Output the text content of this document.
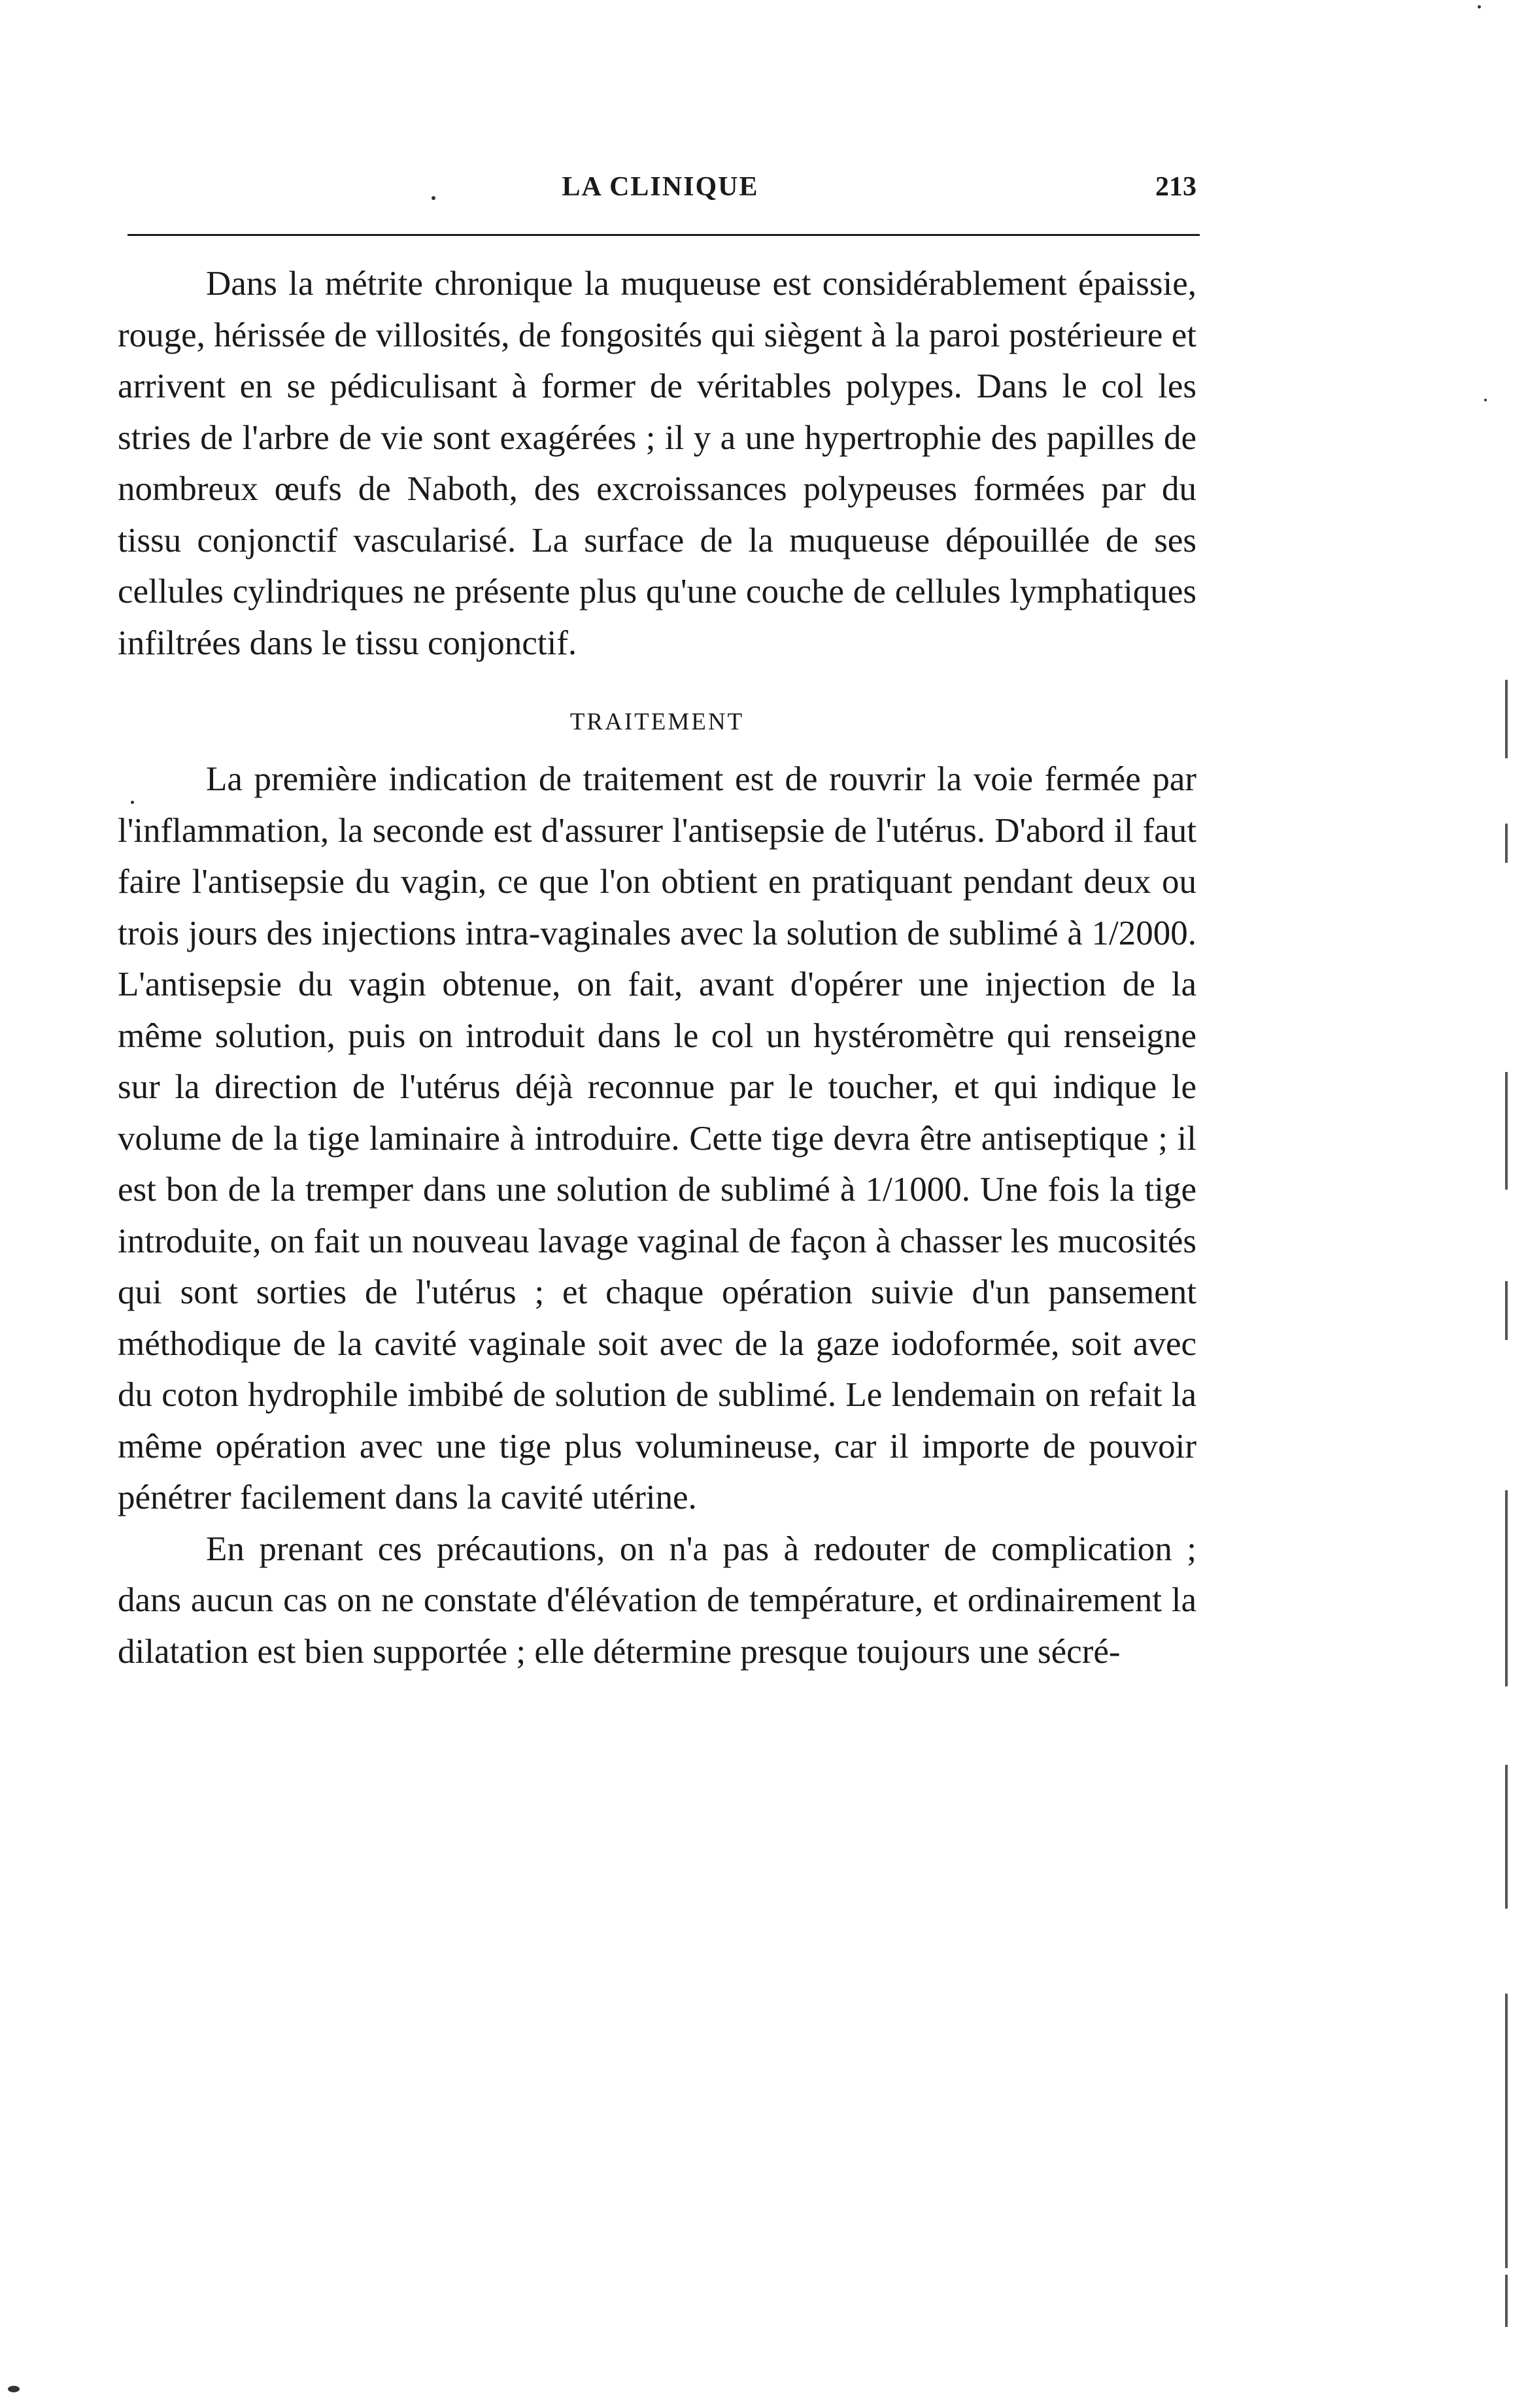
LA CLINIQUE	213

Dans la métrite chronique la muqueuse est considérablement épaissie, rouge, hérissée de villosités, de fongosités qui siègent à la paroi postérieure et arrivent en se pédiculisant à former de véritables polypes. Dans le col les stries de l'arbre de vie sont exagérées ; il y a une hypertrophie des papilles de nombreux œufs de Naboth, des excroissances polypeuses formées par du tissu conjonctif vascularisé. La surface de la muqueuse dépouillée de ses cellules cylindriques ne présente plus qu'une couche de cellules lymphatiques infiltrées dans le tissu conjonctif.

TRAITEMENT

La première indication de traitement est de rouvrir la voie fermée par l'inflammation, la seconde est d'assurer l'antisepsie de l'utérus. D'abord il faut faire l'antisepsie du vagin, ce que l'on obtient en pratiquant pendant deux ou trois jours des injections intra-vaginales avec la solution de sublimé à 1/2000. L'antisepsie du vagin obtenue, on fait, avant d'opérer une injection de la même solution, puis on introduit dans le col un hystéromètre qui renseigne sur la direction de l'utérus déjà reconnue par le toucher, et qui indique le volume de la tige laminaire à introduire. Cette tige devra être antiseptique ; il est bon de la tremper dans une solution de sublimé à 1/1000. Une fois la tige introduite, on fait un nouveau lavage vaginal de façon à chasser les mucosités qui sont sorties de l'utérus ; et chaque opération suivie d'un pansement méthodique de la cavité vaginale soit avec de la gaze iodoformée, soit avec du coton hydrophile imbibé de solution de sublimé. Le lendemain on refait la même opération avec une tige plus volumineuse, car il importe de pouvoir pénétrer facilement dans la cavité utérine.

En prenant ces précautions, on n'a pas à redouter de complication ; dans aucun cas on ne constate d'élévation de température, et ordinairement la dilatation est bien supportée ; elle détermine presque toujours une sécré-
